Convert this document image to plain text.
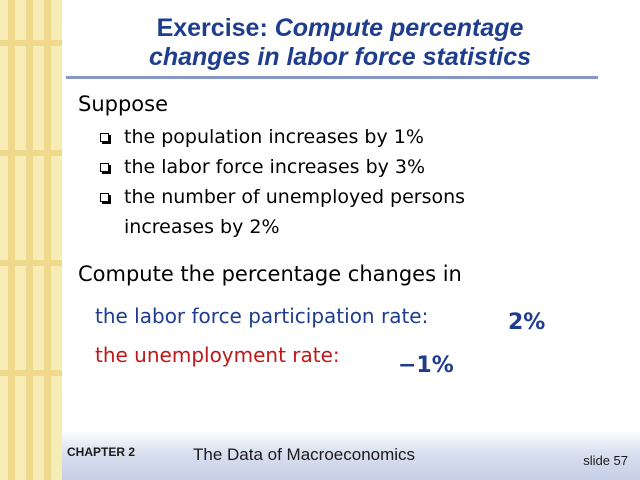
Exercise: Compute percentage
changes in labor force statistics
Suppose
the population increases by 1%
the labor force increases by 3%
the number of unemployed persons
increases by 2%
Compute the percentage changes in
the labor force participation rate:	2%
the unemployment rate:	−1%
CHAPTER 2	The Data of Macroeconomics	slide 57
